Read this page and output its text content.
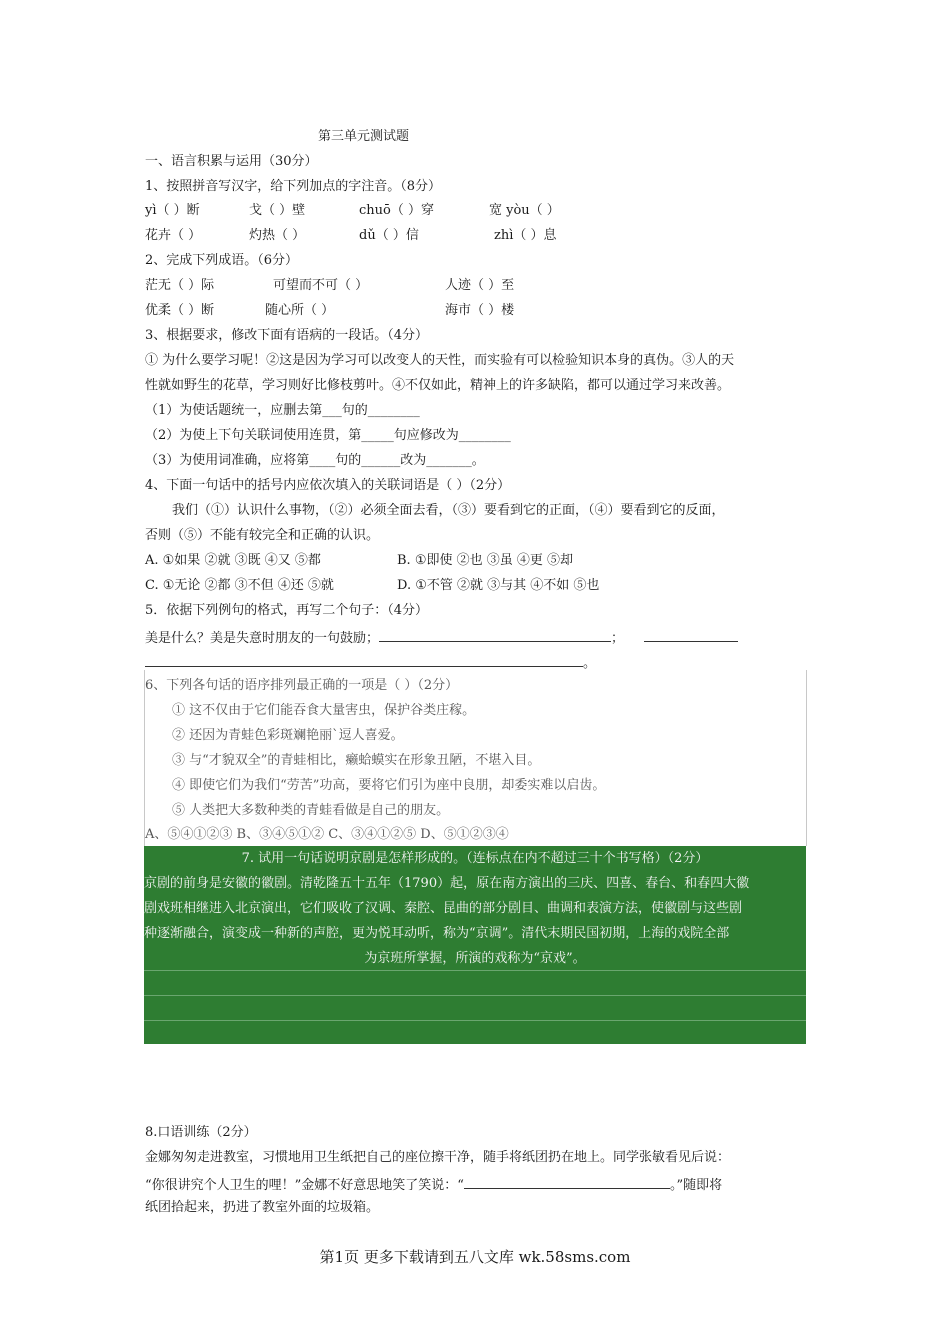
第三单元测试题
一、语言积累与运用（30分）
1、按照拼音写汉字，给下列加点的字注音。（8分）
yì（ ）断	戈（ ）壁	chuō（ ）穿	宽 yòu（ ）
花卉（ ）	灼热（ ）	dǔ（ ）信	zhì（ ）息
2、完成下列成语。（6分）
茫无（ ）际	可望而不可（ ）	人迹（ ）至
优柔（ ）断	随心所（ ）	海市（ ）楼
3、根据要求，修改下面有语病的一段话。（4分）
① 为什么要学习呢！②这是因为学习可以改变人的天性，而实验有可以检验知识本身的真伪。③人的天
性就如野生的花草，学习则好比修枝剪叶。④不仅如此，精神上的许多缺陷，都可以通过学习来改善。
（1）为使话题统一，应删去第___句的________
（2）为使上下句关联词使用连贯，第_____句应修改为________
（3）为使用词准确，应将第____句的______改为_______。
4、下面一句话中的括号内应依次填入的关联词语是（ ）（2分）
我们（①）认识什么事物，（②）必须全面去看，（③）要看到它的正面，（④）要看到它的反面，
否则（⑤）不能有较完全和正确的认识。
A. ①如果 ②就 ③既 ④又 ⑤都	B. ①即使 ②也 ③虽 ④更 ⑤却
C. ①无论 ②都 ③不但 ④还 ⑤就	D. ①不管 ②就 ③与其 ④不如 ⑤也
5．依据下列例句的格式，再写二个句子：（4分）
美是什么？美是失意时朋友的一句鼓励；	；
。
6、下列各句话的语序排列最正确的一项是（ ）（2分）
① 这不仅由于它们能吞食大量害虫，保护谷类庄稼。
② 还因为青蛙色彩斑斓艳丽`逗人喜爱。
③ 与“才貌双全”的青蛙相比，癞蛤蟆实在形象丑陋，不堪入目。
④ 即使它们为我们“劳苦”功高，要将它们引为座中良朋，却委实难以启齿。
⑤ 人类把大多数种类的青蛙看做是自己的朋友。
A、⑤④①②③ B、③④⑤①② C、③④①②⑤ D、⑤①②③④
7. 试用一句话说明京剧是怎样形成的。（连标点在内不超过三十个书写格）（2分）
京剧的前身是安徽的徽剧。清乾隆五十五年（1790）起，原在南方演出的三庆、四喜、春台、和春四大徽
剧戏班相继进入北京演出，它们吸收了汉调、秦腔、昆曲的部分剧目、曲调和表演方法，使徽剧与这些剧
种逐渐融合，演变成一种新的声腔，更为悦耳动听，称为“京调”。清代末期民国初期，上海的戏院全部
为京班所掌握，所演的戏称为“京戏”。
8.口语训练（2分）
金娜匆匆走进教室，习惯地用卫生纸把自己的座位擦干净，随手将纸团扔在地上。同学张敏看见后说：
“你很讲究个人卫生的哩！”金娜不好意思地笑了笑说：“	。”随即将
纸团拾起来，扔进了教室外面的垃圾箱。
第1页 更多下载请到五八文库 wk.58sms.com
